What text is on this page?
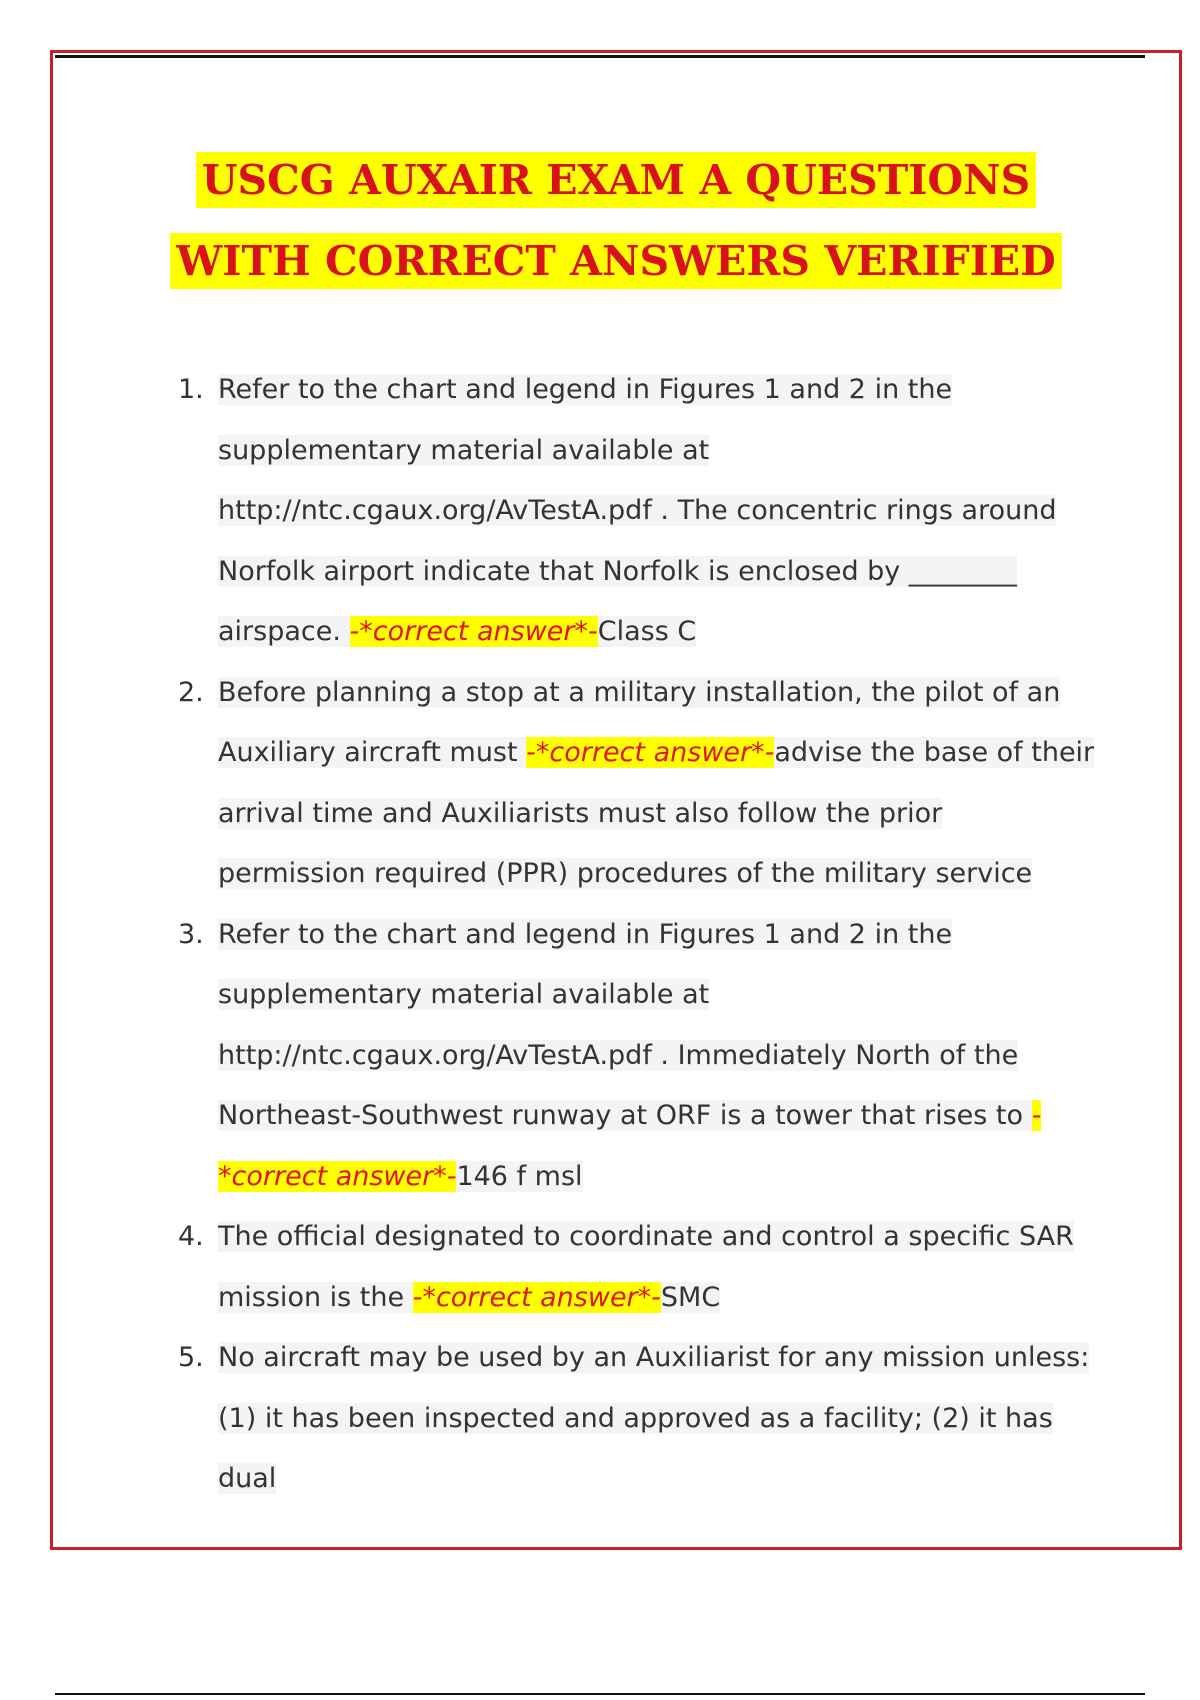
USCG AUXAIR EXAM A QUESTIONS
WITH CORRECT ANSWERS VERIFIED
1. Refer to the chart and legend in Figures 1 and 2 in the supplementary material available at http://ntc.cgaux.org/AvTestA.pdf . The concentric rings around Norfolk airport indicate that Norfolk is enclosed by ________ airspace. -*correct answer*-Class C
2. Before planning a stop at a military installation, the pilot of an Auxiliary aircraft must -*correct answer*-advise the base of their arrival time and Auxiliarists must also follow the prior permission required (PPR) procedures of the military service
3. Refer to the chart and legend in Figures 1 and 2 in the supplementary material available at http://ntc.cgaux.org/AvTestA.pdf . Immediately North of the Northeast-Southwest runway at ORF is a tower that rises to -*correct answer*-146 f msl
4. The official designated to coordinate and control a specific SAR mission is the -*correct answer*-SMC
5. No aircraft may be used by an Auxiliarist for any mission unless: (1) it has been inspected and approved as a facility; (2) it has dual
